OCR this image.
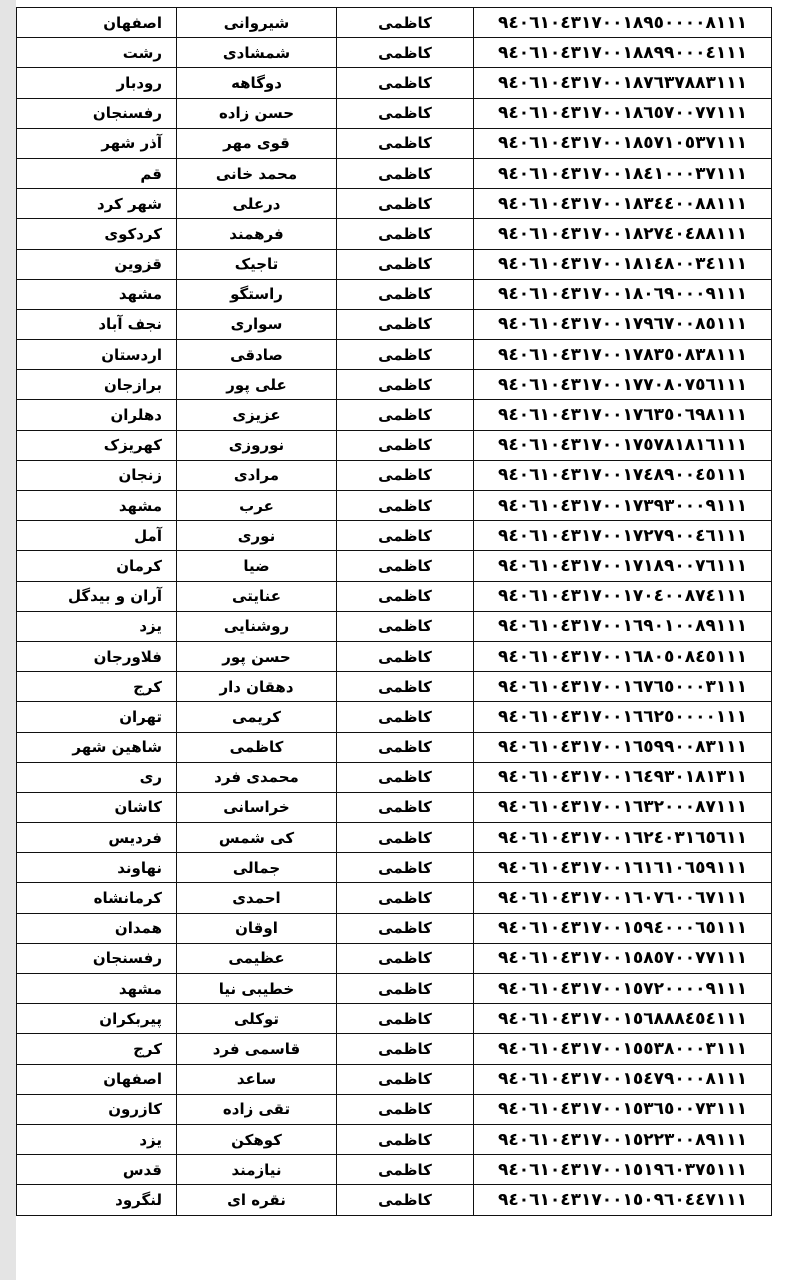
۹٤۰٦۱۰٤۳۱۷۰۰۱۸۹٥۰۰۰۰۸۱۱۱	کاظمی	شیروانی	اصفهان
۹٤۰٦۱۰٤۳۱۷۰۰۱۸۸۹۹۰۰۰٤۱۱۱	کاظمی	شمشادی	رشت
۹٤۰٦۱۰٤۳۱۷۰۰۱۸۷٦۳۷۸۸۳۱۱۱	کاظمی	دوگاهه	رودبار
۹٤۰٦۱۰٤۳۱۷۰۰۱۸٦٥۷۰۰۷۷۱۱۱	کاظمی	حسن زاده	رفسنجان
۹٤۰٦۱۰٤۳۱۷۰۰۱۸٥۷۱۰٥۳۷۱۱۱	کاظمی	قوی مهر	آذر شهر
۹٤۰٦۱۰٤۳۱۷۰۰۱۸٤۱۰۰۰۳۷۱۱۱	کاظمی	محمد خانی	قم
۹٤۰٦۱۰٤۳۱۷۰۰۱۸۳٤٤۰۰۸۸۱۱۱	کاظمی	درعلی	شهر کرد
۹٤۰٦۱۰٤۳۱۷۰۰۱۸۲۷٤۰٤۸۸۱۱۱	کاظمی	فرهمند	کردکوی
۹٤۰٦۱۰٤۳۱۷۰۰۱۸۱٤۸۰۰۳٤۱۱۱	کاظمی	تاجیک	قزوین
۹٤۰٦۱۰٤۳۱۷۰۰۱۸۰٦۹۰۰۰۹۱۱۱	کاظمی	راستگو	مشهد
۹٤۰٦۱۰٤۳۱۷۰۰۱۷۹٦۷۰۰۸٥۱۱۱	کاظمی	سواری	نجف آباد
۹٤۰٦۱۰٤۳۱۷۰۰۱۷۸۳٥۰۸۳۸۱۱۱	کاظمی	صادقی	اردستان
۹٤۰٦۱۰٤۳۱۷۰۰۱۷۷۰۸۰۷٥٦۱۱۱	کاظمی	علی پور	برازجان
۹٤۰٦۱۰٤۳۱۷۰۰۱۷٦۳٥۰٦۹۸۱۱۱	کاظمی	عزیزی	دهلران
۹٤۰٦۱۰٤۳۱۷۰۰۱۷٥۷۸۱۸۱٦۱۱۱	کاظمی	نوروزی	کهریزک
۹٤۰٦۱۰٤۳۱۷۰۰۱۷٤۸۹۰۰٤٥۱۱۱	کاظمی	مرادی	زنجان
۹٤۰٦۱۰٤۳۱۷۰۰۱۷۳۹۳۰۰۰۹۱۱۱	کاظمی	عرب	مشهد
۹٤۰٦۱۰٤۳۱۷۰۰۱۷۲۷۹۰۰٤٦۱۱۱	کاظمی	نوری	آمل
۹٤۰٦۱۰٤۳۱۷۰۰۱۷۱۸۹۰۰۷٦۱۱۱	کاظمی	ضیا	کرمان
۹٤۰٦۱۰٤۳۱۷۰۰۱۷۰٤۰۰۸۷٤۱۱۱	کاظمی	عنایتی	آران و بیدگل
۹٤۰٦۱۰٤۳۱۷۰۰۱٦۹۰۱۰۰۸۹۱۱۱	کاظمی	روشنایی	یزد
۹٤۰٦۱۰٤۳۱۷۰۰۱٦۸۰٥۰۸٤٥۱۱۱	کاظمی	حسن پور	فلاورجان
۹٤۰٦۱۰٤۳۱۷۰۰۱٦۷٦٥۰۰۰۳۱۱۱	کاظمی	دهقان دار	کرج
۹٤۰٦۱۰٤۳۱۷۰۰۱٦٦۲٥۰۰۰۰۱۱۱	کاظمی	کریمی	تهران
۹٤۰٦۱۰٤۳۱۷۰۰۱٦٥۹۹۰۰۸۳۱۱۱	کاظمی	کاظمی	شاهین شهر
۹٤۰٦۱۰٤۳۱۷۰۰۱٦٤۹۳۰۱۸۱۳۱۱	کاظمی	محمدی فرد	ری
۹٤۰٦۱۰٤۳۱۷۰۰۱٦۳۲۰۰۰۸۷۱۱۱	کاظمی	خراسانی	کاشان
۹٤۰٦۱۰٤۳۱۷۰۰۱٦۲٤۰۳۱٦٥٦۱۱	کاظمی	کی شمس	فردیس
۹٤۰٦۱۰٤۳۱۷۰۰۱٦۱٦۱۰٦٥۹۱۱۱	کاظمی	جمالی	نهاوند
۹٤۰٦۱۰٤۳۱۷۰۰۱٦۰۷٦۰۰٦۷۱۱۱	کاظمی	احمدی	کرمانشاه
۹٤۰٦۱۰٤۳۱۷۰۰۱٥۹٤۰۰۰٦٥۱۱۱	کاظمی	اوقان	همدان
۹٤۰٦۱۰٤۳۱۷۰۰۱٥۸٥۷۰۰۷۷۱۱۱	کاظمی	عظیمی	رفسنجان
۹٤۰٦۱۰٤۳۱۷۰۰۱٥۷۲۰۰۰۰۹۱۱۱	کاظمی	خطیبی نیا	مشهد
۹٤۰٦۱۰٤۳۱۷۰۰۱٥٦۸۸۸٤٥٤۱۱۱	کاظمی	توکلی	پیربکران
۹٤۰٦۱۰٤۳۱۷۰۰۱٥٥۳۸۰۰۰۳۱۱۱	کاظمی	قاسمی فرد	کرج
۹٤۰٦۱۰٤۳۱۷۰۰۱٥٤۷۹۰۰۰۸۱۱۱	کاظمی	ساعد	اصفهان
۹٤۰٦۱۰٤۳۱۷۰۰۱٥۳٦٥۰۰۷۳۱۱۱	کاظمی	تقی زاده	کازرون
۹٤۰٦۱۰٤۳۱۷۰۰۱٥۲۲۳۰۰۸۹۱۱۱	کاظمی	کوهکن	یزد
۹٤۰٦۱۰٤۳۱۷۰۰۱٥۱۹٦۰۳۷٥۱۱۱	کاظمی	نیازمند	قدس
۹٤۰٦۱۰٤۳۱۷۰۰۱٥۰۹٦۰٤٤۷۱۱۱	کاظمی	نقره ای	لنگرود
